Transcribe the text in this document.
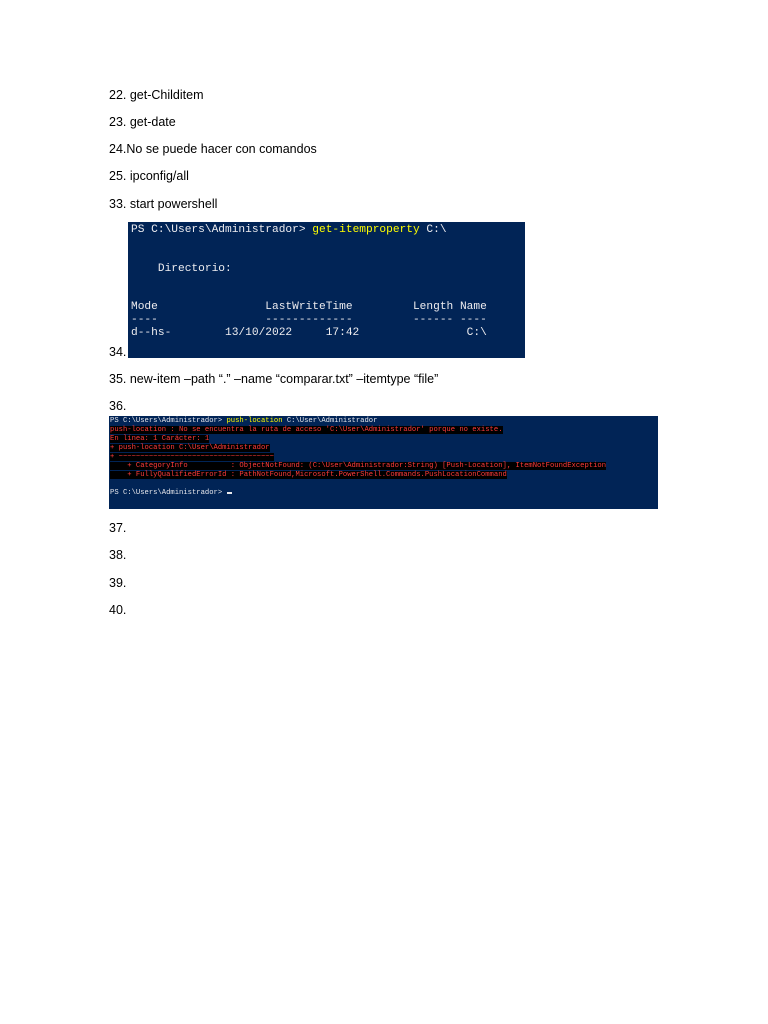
22. get-Childitem
23. get-date
24.No se puede hacer con comandos
25. ipconfig/all
33. start powershell
PS C:\Users\Administrador> get-itemproperty C:\
Directorio:
Mode                LastWriteTime         Length Name
----                -------------         ------ ----
d--hs-        13/10/2022     17:42                C:\
34.
35. new-item –path “.” –name “comparar.txt” –itemtype “file”
36.
PS C:\Users\Administrador> push-location C:\User\Administrador
push-location : No se encuentra la ruta de acceso 'C:\User\Administrador' porque no existe.
En línea: 1 Carácter: 1
+ push-location C:\User\Administrador
+ ~~~~~~~~~~~~~~~~~~~~~~~~~~~~~~~~~~~~
+ CategoryInfo          : ObjectNotFound: (C:\User\Administrador:String) [Push-Location], ItemNotFoundException
+ FullyQualifiedErrorId : PathNotFound,Microsoft.PowerShell.Commands.PushLocationCommand
PS C:\Users\Administrador>
37.
38.
39.
40.
